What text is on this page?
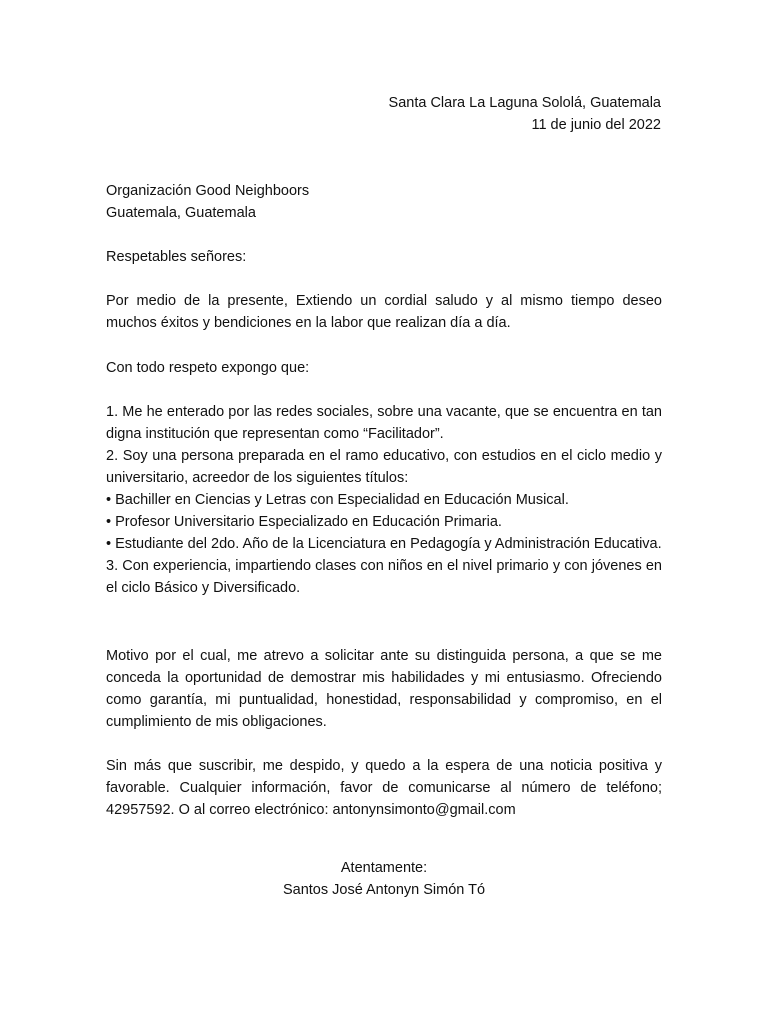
Santa Clara La Laguna Sololá, Guatemala
11 de junio del 2022
Organización Good Neighboors
Guatemala, Guatemala
Respetables señores:
Por medio de la presente, Extiendo un cordial saludo y al mismo tiempo deseo muchos éxitos y bendiciones en la labor que realizan día a día.
Con todo respeto expongo que:
1. Me he enterado por las redes sociales, sobre una vacante, que se encuentra en tan digna institución que representan como “Facilitador”.
2. Soy una persona preparada en el ramo educativo, con estudios en el ciclo medio y universitario, acreedor de los siguientes títulos:
• Bachiller en Ciencias y Letras con Especialidad en Educación Musical.
• Profesor Universitario Especializado en Educación Primaria.
• Estudiante del 2do. Año de la Licenciatura en Pedagogía y Administración Educativa.
3. Con experiencia, impartiendo clases con niños en el nivel primario y con jóvenes en el ciclo Básico y Diversificado.
Motivo por el cual, me atrevo a solicitar ante su distinguida persona, a que se me conceda la oportunidad de demostrar mis habilidades y mi entusiasmo. Ofreciendo como garantía, mi puntualidad, honestidad, responsabilidad y compromiso, en el cumplimiento de mis obligaciones.
Sin más que suscribir, me despido, y quedo a la espera de una noticia positiva y favorable. Cualquier información, favor de comunicarse al número de teléfono; 42957592. O al correo electrónico: antonynsimonto@gmail.com
Atentamente:
Santos José Antonyn Simón Tó
